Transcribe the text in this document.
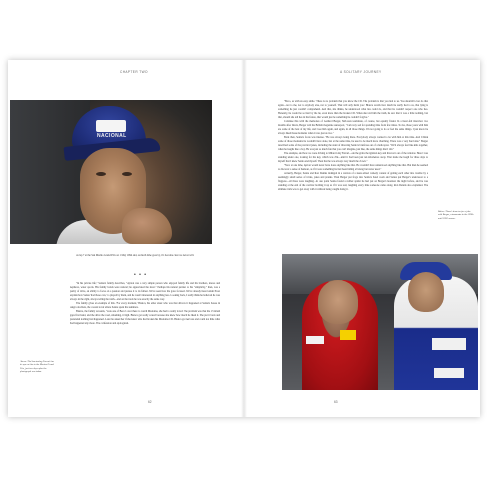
CHAPTER TWO
NACIONAL

on lap 7 at the San Marino Grand Prix on 1 May 1994 and, as much time goes by, it's become clear we never will.

• • •

"In his private life," Senna's family describes, "Ayrton was a very simple person who enjoyed family life and his brothers, nieces and nephews, water sports. His family bonds were natural; he appreciated the most." Perhaps his natural partner to his "simplicity," then, was a purity of drive, an ability to focus on a passion and pursue it to its fullest. We've seen how the gave focused. We've already heard Alain Prost explain how Senna 'had those cars,' to played by them, and he wasn't interested in anything less. Looking back, I really think he believed he was always in the right, always telling the truth—and on the track he was exactly the same way.

The family gives an example of this. 'For every moment,' Bianca, his elder sister who was that drivers it happened at Senna's house in Angra dos Reis, the coastal town where Senna spent his summers.

Bianca, the family recounts, "took one of Beco's over there to watch Madonna, she had to really loved: 'the problem was that the 13 inlaid gaps first hand, and the drive the road, smashing, it high. Bianca got really scared because she knew how much he liked it. She put it back and pretended nothing had happened. Later he asked her if she knew who had broken his Madonna CD. Bianca got nervous and could not hide what had happened any more. The confession and apologized.

Above: The San-testing Ferrari has its eye on him to the Marina Grand Prix, just two days after the photograph was taken.
62
A SOLITARY JOURNEY

"Beco, as with an easy smile. 'There is no problem that you know the CD. The problem is that you lied to us. You shouldn't ever do that again—not to me, not to anybody else, not to yourself. That will only harm you.' Bianca recalls how much he really lied to us, that lying is something he just couldn't comprehend. And that, she thinks, he understood what lies could do, and that he couldn't respect one who lies. Honestly, he would be so hurt by the lie, even more than the broken CD. When she told him the truth, he saw that it was a little nothing, but that, should she tell lies in the future, that would just be something he couldn't forgive."

Continue this with the memories of Gerhard Berger, McLaren teammate, of course, but equally friend. In a heart-felt interview two months after Imola, Berger told the British magazine Autosport, "I am very sad for spending time from few times. To me, those years with him are some of the best of my life, and I see him again, and again, in all those things. I'm not going to do or feel the same things. I just know he always liked these moments when it was just us two."

Back then, Senna's focus was intense. "He was always being there. Everybody always wanted to be with him at this time. And I think some of those moments he wouldn't have done, but at the same time, he used to be much more charming. There was a very hard side." Berger described some of the practical jokes, including the stunt of throwing Senna's briefcase out of a helicopter. "We'd always feel like kids together, when he laughs like a boy. He was just so much fun that you can't imagine, just like, the same things that I did."

The example, and how we were driving to Milan in my Ferrari—and he grabs the ignition key and throws it out of the window. Here I was standing under one, looking for the key, which was 25k—until it had been just ten kilometres away. That made me laugh for three days to myself that I knew Senna and myself. Then that he was always very much the clown."

"Now at one time, Ayrton would never have done anything like that. He wouldn't have understood anything like that. But then he seemed to discover a sense of humour, as if it were something he had been hiding all along but never used."

Actually, Berger, Senna and Ron Dennis indulged in a version of a skate-wheel comedy contest of getting each other into trouble by a seemingly small series of tricks, jokes and pranks. Then Berger put frogs into Senna's hotel room and Senna put Berger's underwear to a flagpole—all three were laughing. At one point Senna found a rubber spider he had put on Berger's headrest the night before, and he was standing at the end of the corridor holding it up as if it was real, laughing every time someone came along. Ron Dennis also explained. The ultimate trick was to get away with it without being caught doing it.

Below: There's time too for a joke with Berger, a teammate in the 1990s until 1992 season.
63
